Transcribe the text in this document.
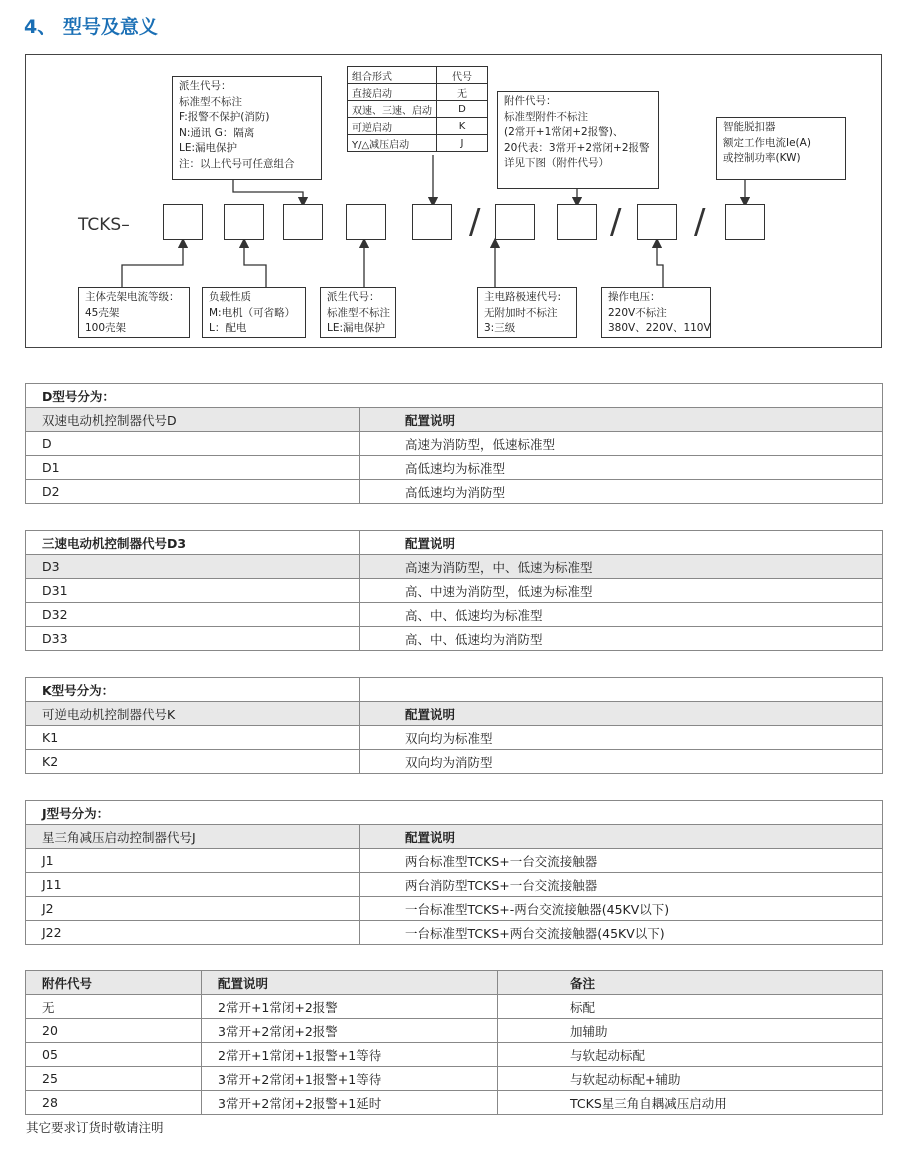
4、 型号及意义
派生代号：
标准型不标注
F:报警不保护(消防)
N:通讯 G：隔离
LE:漏电保护
注：以上代号可任意组合
组合形式	代号
直接启动	无
双速、三速、启动	D
可逆启动	K
Y/△减压启动	J
附件代号：
标准型附件不标注
(2常开+1常闭+2报警)、
20代表：3常开+2常闭+2报警
详见下图（附件代号）
智能脱扣器
额定工作电流Ie(A)
或控制功率(KW)
TCKS–	/	/ /
主体壳架电流等级：
45壳架
100壳架
负载性质
M:电机（可省略）
L：配电
派生代号：
标准型不标注
LE:漏电保护
主电路极速代号:
无附加时不标注
3:三级
操作电压：
220V不标注
380V、220V、110V
D型号分为：	
双速电动机控制器代号D	配置说明
D	高速为消防型，低速标准型
D1	高低速均为标准型
D2	高低速均为消防型
三速电动机控制器代号D3	配置说明
D3	高速为消防型，中、低速为标准型
D31	高、中速为消防型，低速为标准型
D32	高、中、低速均为标准型
D33	高、中、低速均为消防型
K型号分为：	
可逆电动机控制器代号K	配置说明
K1	双向均为标准型
K2	双向均为消防型
J型号分为：	
星三角减压启动控制器代号J	配置说明
J1	两台标准型TCKS+一台交流接触器
J11	两台消防型TCKS+一台交流接触器
J2	一台标准型TCKS+-两台交流接触器(45KV以下)
J22	一台标准型TCKS+两台交流接触器(45KV以下)
附件代号	配置说明	备注
无	2常开+1常闭+2报警	标配
20	3常开+2常闭+2报警	加辅助
05	2常开+1常闭+1报警+1等待	与软起动标配
25	3常开+2常闭+1报警+1等待	与软起动标配+辅助
28	3常开+2常闭+2报警+1延时	TCKS星三角自耦减压启动用
其它要求订货时敬请注明
